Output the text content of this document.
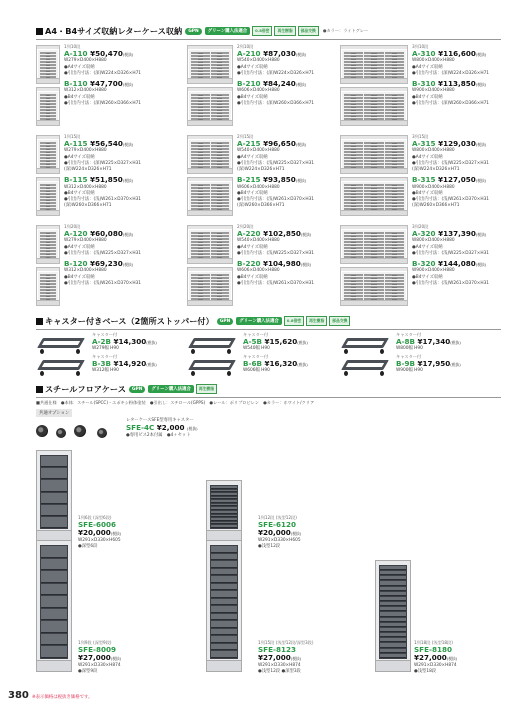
A4・B4サイズ収納レターケース収納	GPN	グリーン購入法適合	0.8倍密	再生樹脂	部品交換	●カラー：ライトグレー
1列10段
A-110 ¥50,470(税抜)
W279×D400×H880
●A4サイズ収納
●引出内寸法：(深)W224×D326×H71
B-110 ¥47,700(税抜)
W312×D400×H880
●B4サイズ収納
●引出内寸法：(深)W260×D366×H71
2列10段
A-210 ¥87,030(税抜)
W540×D400×H880
●A4サイズ収納
●引出内寸法：(深)W224×D326×H71
B-210 ¥84,240(税抜)
W606×D400×H880
●B4サイズ収納
●引出内寸法：(深)W260×D366×H71
3列10段
A-310 ¥116,600(税抜)
W800×D400×H880
●A4サイズ収納
●引出内寸法：(深)W224×D326×H71
B-310 ¥113,850(税抜)
W900×D400×H880
●B4サイズ収納
●引出内寸法：(深)W260×D366×H71
1列15段
A-115 ¥56,540(税抜)
W279×D400×H880
●A4サイズ収納
●引出内寸法：(深)W225×D327×H31
(深)W224×D326×H71
B-115 ¥51,850(税抜)
W312×D400×H880
●B4サイズ収納
●引出内寸法：(浅)W261×D370×H31
(深)W260×D366×H71
2列15段
A-215 ¥96,650(税抜)
W540×D400×H880
●A4サイズ収納
●引出内寸法：(浅)W225×D327×H31
(深)W224×D326×H71
B-215 ¥93,850(税抜)
W606×D400×H880
●B4サイズ収納
●引出内寸法：(浅)W261×D370×H31
(深)W260×D366×H71
3列15段
A-315 ¥129,030(税抜)
W800×D400×H880
●A4サイズ収納
●引出内寸法：(浅)W225×D327×H31
(深)W224×D326×H71
B-315 ¥127,050(税抜)
W900×D400×H880
●B4サイズ収納
●引出内寸法：(浅)W261×D370×H31
(深)W260×D366×H71
1列20段
A-120 ¥60,080(税抜)
W279×D400×H880
●A4サイズ収納
●引出内寸法：(浅)W225×D327×H31
B-120 ¥69,230(税抜)
W312×D400×H880
●B4サイズ収納
●引出内寸法：(浅)W261×D370×H31
2列20段
A-220 ¥102,850(税抜)
W540×D400×H880
●A4サイズ収納
●引出内寸法：(浅)W225×D327×H31
B-220 ¥104,980(税抜)
W606×D400×H880
●B4サイズ収納
●引出内寸法：(浅)W261×D370×H31
3列20段
A-320 ¥137,390(税抜)
W800×D400×H880
●A4サイズ収納
●引出内寸法：(浅)W225×D327×H31
B-320 ¥144,080(税抜)
W900×D400×H880
●B4サイズ収納
●引出内寸法：(浅)W261×D370×H31
キャスター付きベース（2箇所ストッパー付）	GPN	グリーン購入法適合	0.8倍密	再生樹脂	部品交換
キャスター付
A-2B ¥14,300(税抜)
W279幅 H90
キャスター付
A-5B ¥15,620(税抜)
W540幅 H90
キャスター付
A-8B ¥17,340(税抜)
W800幅 H90
キャスター付
B-3B ¥14,920(税抜)
W312幅 H90
キャスター付
B-6B ¥16,320(税抜)
W606幅 H90
キャスター付
B-9B ¥17,950(税抜)
W900幅 H90
スチールフロアケース	GPN	グリーン購入法適合	再生樹脂
■共通仕様　●本体：スチール(SPCC)・エポキシ粉体塗装　●引出し：スチロール(GPPS)　●レール：ポリプロピレン　●カラー：ホワイト/クリア
共通オプション
レターケースSFE型専用キャスター
SFE-4C ¥2,000 (税抜)
●専用ビス2本付属　●4ヶセット
1列6段 (深型6段)
SFE-6006
¥20,000(税抜)
W291×D330×H605
●深型6段
1列12段 (浅型12段)
SFE-6120
¥20,000(税抜)
W291×D330×H605
●浅型12段
1列9段 (深型9段)
SFE-8009
¥27,000(税抜)
W291×D330×H874
●深型9段
1列15段 (浅型12段/深型3段)
SFE-8123
¥27,000(税抜)
W291×D330×H874
●浅型12段 ●深型3段
1列18段 (浅型18段)
SFE-8180
¥27,000(税抜)
W291×D330×H874
●浅型18段
380 ※表示価格は税抜き価格です。
